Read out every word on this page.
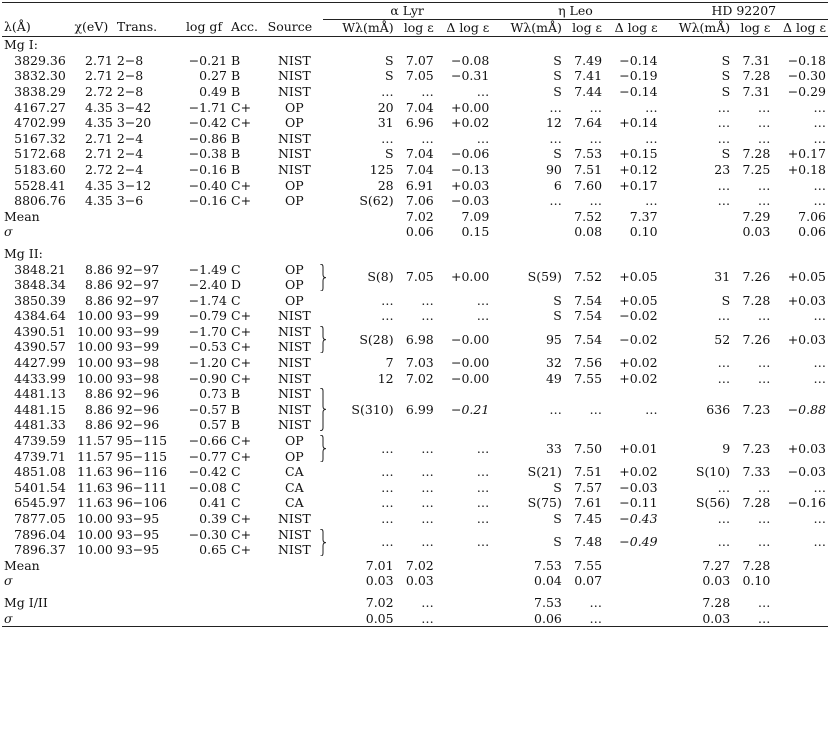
						α Lyr			η Leo			HD 92207		
λ(Å)	χ(eV)	Trans.	log gf	Acc.	Source	Wλ(mÅ)	log ε	Δ log ε	Wλ(mÅ)	log ε	Δ log ε	Wλ(mÅ)	log ε	Δ log ε
Mg I:														
3829.36	2.71	2−8	−0.21	B	NIST	S	7.07	−0.08	S	7.49	−0.14	S	7.31	−0.18
3832.30	2.71	2−8	0.27	B	NIST	S	7.05	−0.31	S	7.41	−0.19	S	7.28	−0.30
3838.29	2.72	2−8	0.49	B	NIST	…	…	…	S	7.44	−0.14	S	7.31	−0.29
4167.27	4.35	3−42	−1.71	C+	OP	20	7.04	+0.00	…	…	…	…	…	…
4702.99	4.35	3−20	−0.42	C+	OP	31	6.96	+0.02	12	7.64	+0.14	…	…	…
5167.32	2.71	2−4	−0.86	B	NIST	…	…	…	…	…	…	…	…	…
5172.68	2.71	2−4	−0.38	B	NIST	S	7.04	−0.06	S	7.53	+0.15	S	7.28	+0.17
5183.60	2.72	2−4	−0.16	B	NIST	125	7.04	−0.13	90	7.51	+0.12	23	7.25	+0.18
5528.41	4.35	3−12	−0.40	C+	OP	28	6.91	+0.03	6	7.60	+0.17	…	…	…
8806.76	4.35	3−6	−0.16	C+	OP	S(62)	7.06	−0.03	…	…	…	…	…	…
Mean							7.02	7.09		7.52	7.37		7.29	7.06
σ							0.06	0.15		0.08	0.10		0.03	0.06
Mg II:														
3848.21	8.86	92−97	−1.49	C	OP	S(8)	7.05	+0.00	S(59)	7.52	+0.05	31	7.26	+0.05
3848.34	8.86	92−97	−2.40	D	OP									
3850.39	8.86	92−97	−1.74	C	OP	…	…	…	S	7.54	+0.05	S	7.28	+0.03
4384.64	10.00	93−99	−0.79	C+	NIST	…	…	…	S	7.54	−0.02	…	…	…
4390.51	10.00	93−99	−1.70	C+	NIST	S(28)	6.98	−0.00	95	7.54	−0.02	52	7.26	+0.03
4390.57	10.00	93−99	−0.53	C+	NIST									
4427.99	10.00	93−98	−1.20	C+	NIST	7	7.03	−0.00	32	7.56	+0.02	…	…	…
4433.99	10.00	93−98	−0.90	C+	NIST	12	7.02	−0.00	49	7.55	+0.02	…	…	…
4481.13	8.86	92−96	0.73	B	NIST	S(310)	6.99	−0.21	…	…	…	636	7.23	−0.88
4481.15	8.86	92−96	−0.57	B	NIST									
4481.33	8.86	92−96	0.57	B	NIST									
4739.59	11.57	95−115	−0.66	C+	OP	…	…	…	33	7.50	+0.01	9	7.23	+0.03
4739.71	11.57	95−115	−0.77	C+	OP									
4851.08	11.63	96−116	−0.42	C	CA	…	…	…	S(21)	7.51	+0.02	S(10)	7.33	−0.03
5401.54	11.63	96−111	−0.08	C	CA	…	…	…	S	7.57	−0.03	…	…	…
6545.97	11.63	96−106	0.41	C	CA	…	…	…	S(75)	7.61	−0.11	S(56)	7.28	−0.16
7877.05	10.00	93−95	0.39	C+	NIST	…	…	…	S	7.45	−0.43	…	…	…
7896.04	10.00	93−95	−0.30	C+	NIST	…	…	…	S	7.48	−0.49	…	…	…
7896.37	10.00	93−95	0.65	C+	NIST									
Mean						7.01	7.02		7.53	7.55		7.27	7.28	
σ						0.03	0.03		0.04	0.07		0.03	0.10	
Mg I/II						7.02	…		7.53	…		7.28	…	
σ						0.05	…		0.06	…		0.03	…	
